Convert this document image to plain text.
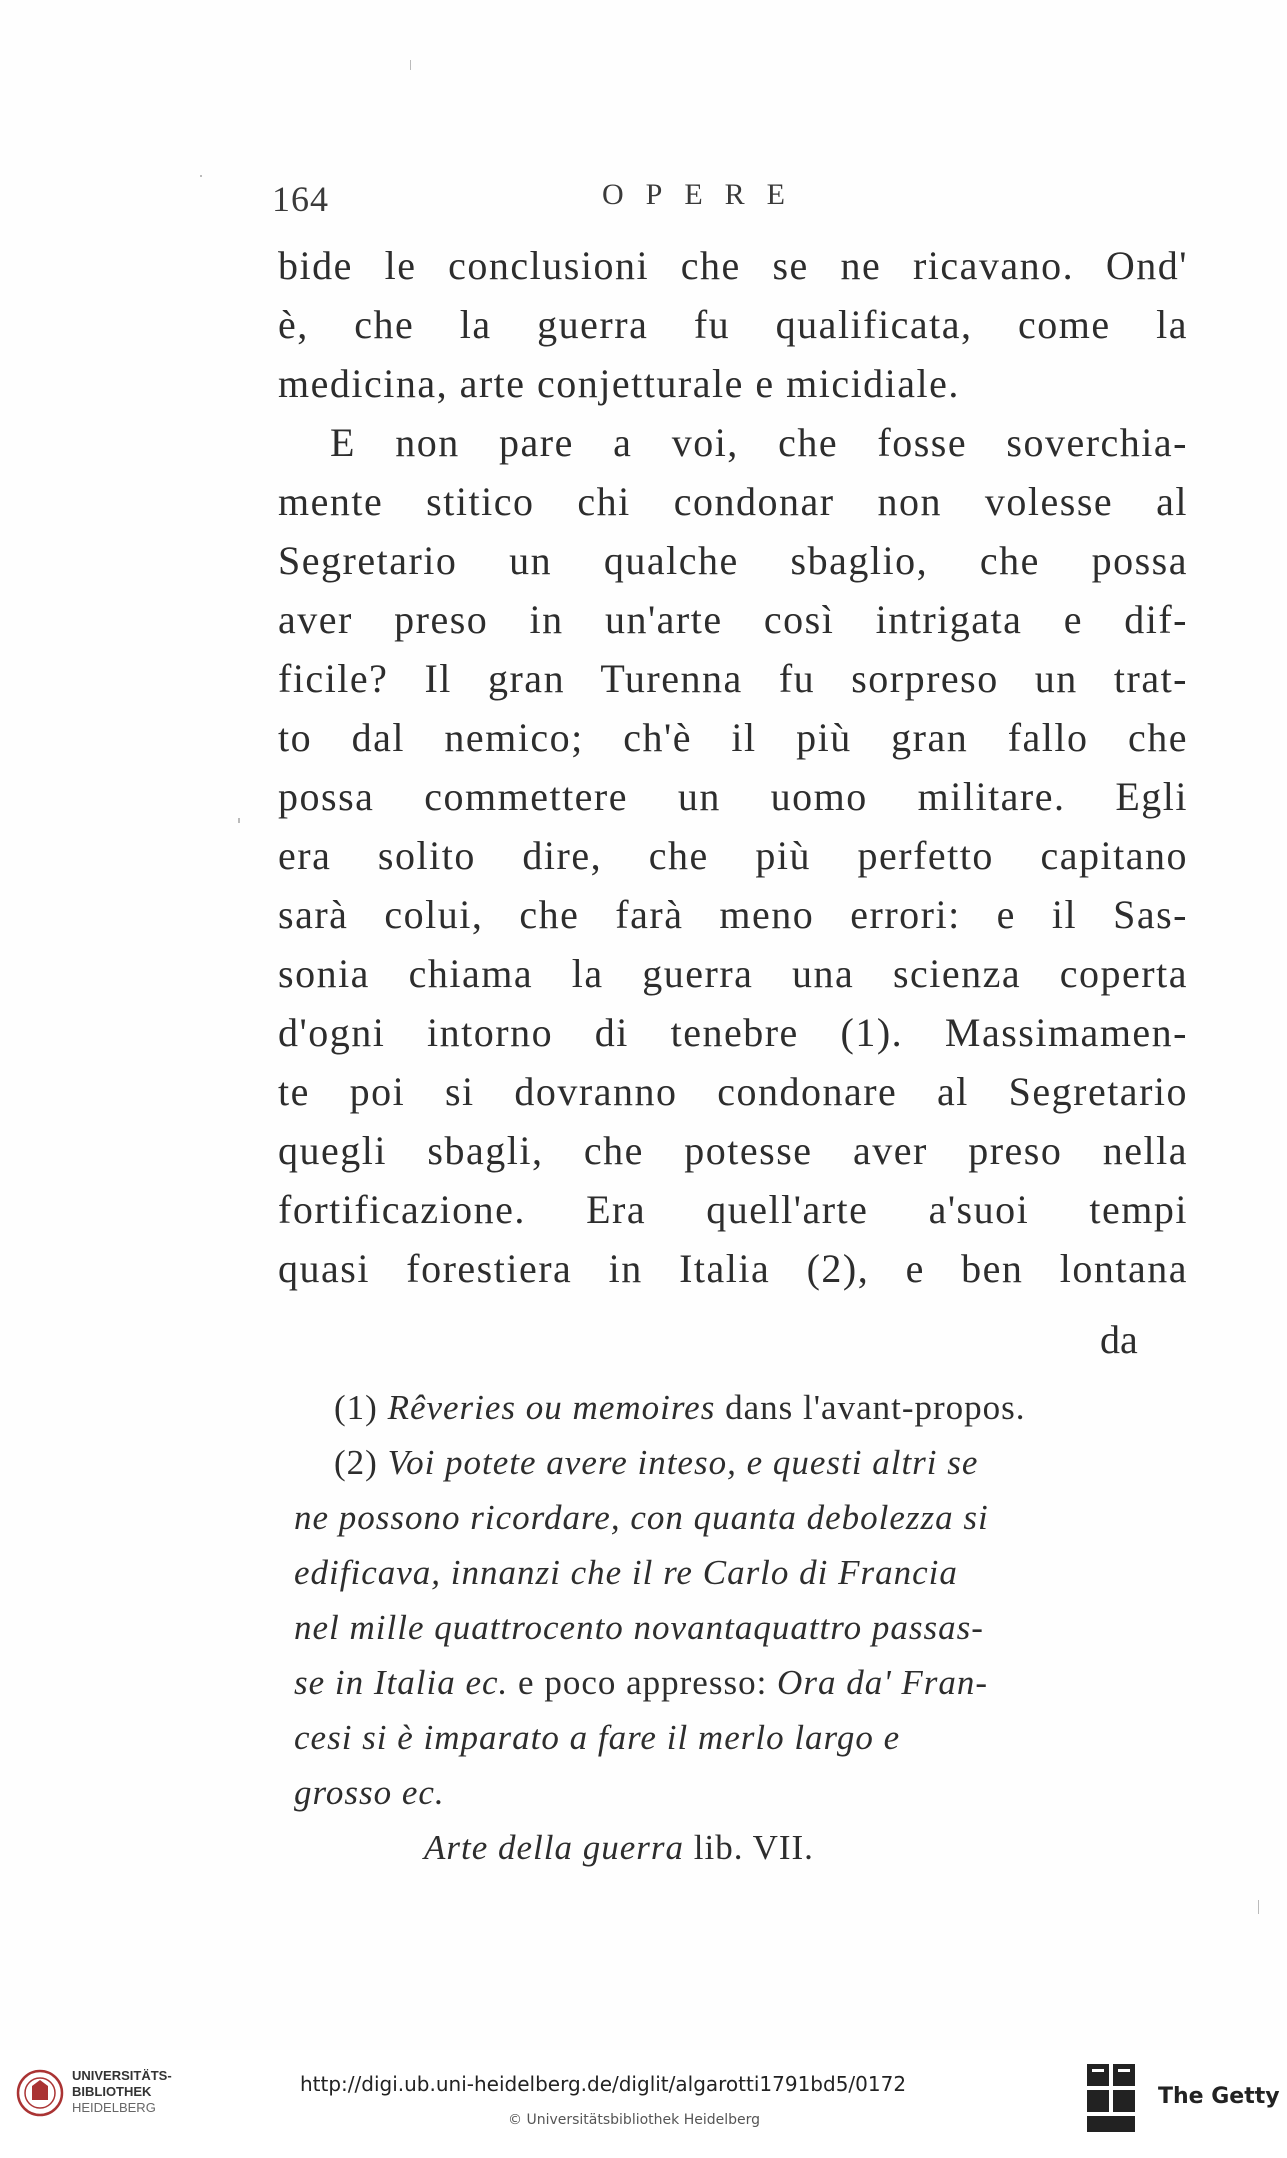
164	OPERE
bide le conclusioni che se ne ricavano. Ond'
è, che la guerra fu qualificata, come la
medicina, arte conjetturale e micidiale.
E non pare a voi, che fosse soverchia-
mente stitico chi condonar non volesse al
Segretario un qualche sbaglio, che possa
aver preso in un'arte così intrigata e dif-
ficile? Il gran Turenna fu sorpreso un trat-
to dal nemico; ch'è il più gran fallo che
possa commettere un uomo militare. Egli
era solito dire, che più perfetto capitano
sarà colui, che farà meno errori: e il Sas-
sonia chiama la guerra una scienza coperta
d'ogni intorno di tenebre (1). Massimamen-
te poi si dovranno condonare al Segretario
quegli sbagli, che potesse aver preso nella
fortificazione. Era quell'arte a'suoi tempi
quasi forestiera in Italia (2), e ben lontana
da
(1) Rêveries ou memoires dans l'avant-propos.
(2) Voi potete avere inteso, e questi altri se
ne possono ricordare, con quanta debolezza si
edificava, innanzi che il re Carlo di Francia
nel mille quattrocento novantaquattro passas-
se in Italia ec. e poco appresso: Ora da' Fran-
cesi si è imparato a fare il merlo largo e
grosso ec.
Arte della guerra lib. VII.
UNIVERSITÄTS-
BIBLIOTHEK
HEIDELBERG
http://digi.ub.uni-heidelberg.de/diglit/algarotti1791bd5/0172
© Universitätsbibliothek Heidelberg
The Getty
